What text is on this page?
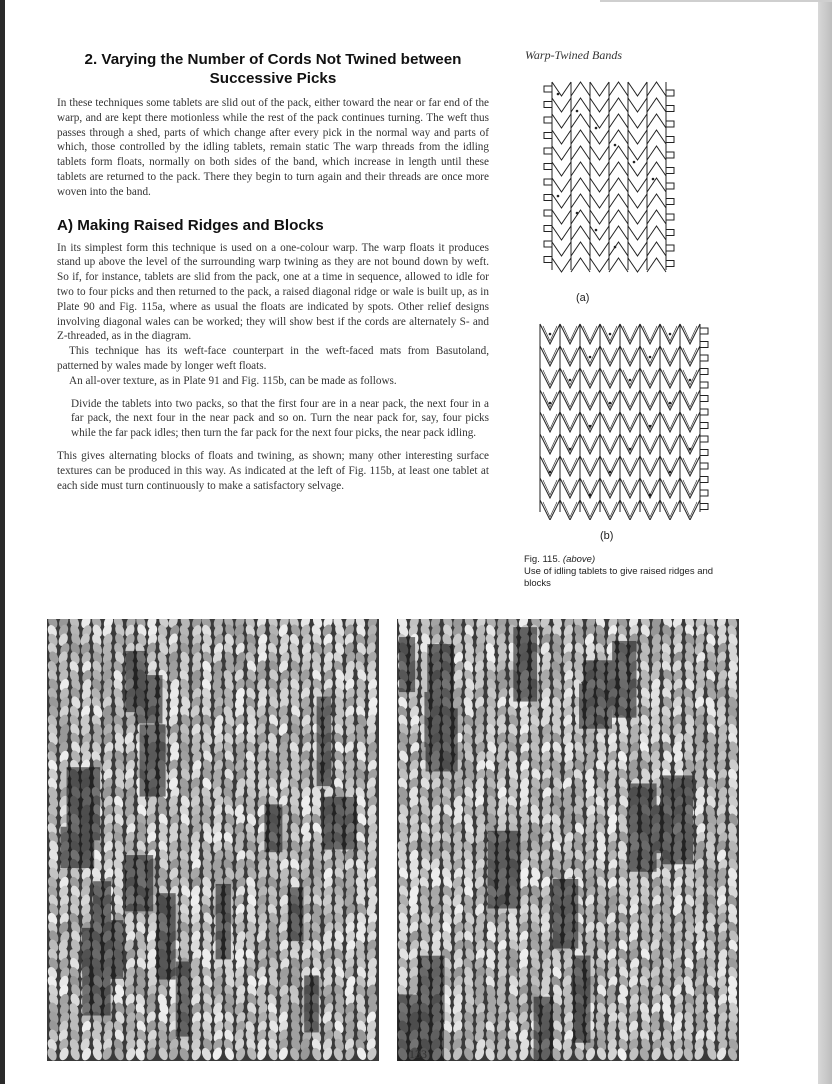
Warp-Twined Bands
2. Varying the Number of Cords Not Twined between Successive Picks

In these techniques some tablets are slid out of the pack, either toward the near or far end of the warp, and are kept there motionless while the rest of the pack continues turning. The weft thus passes through a shed, parts of which change after every pick in the normal way and parts of which, those controlled by the idling tablets, remain static The warp threads from the idling tablets form floats, normally on both sides of the band, which increase in length until these tablets are returned to the pack. There they begin to turn again and their threads are once more woven into the band.

A) Making Raised Ridges and Blocks

In its simplest form this technique is used on a one-colour warp. The warp floats it produces stand up above the level of the surrounding warp twining as they are not bound down by weft. So if, for instance, tablets are slid from the pack, one at a time in sequence, allowed to idle for two to four picks and then returned to the pack, a raised diagonal ridge or wale is built up, as in Plate 90 and Fig. 115a, where as usual the floats are indicated by spots. Other relief designs involving diagonal wales can be worked; they will show best if the cords are alternately S- and Z-threaded, as in the diagram.

This technique has its weft-face counterpart in the weft-faced mats from Basutoland, patterned by wales made by longer weft floats.

An all-over texture, as in Plate 91 and Fig. 115b, can be made as follows.

Divide the tablets into two packs, so that the first four are in a near pack, the next four in a far pack, the next four in the near pack and so on. Turn the near pack for, say, four picks while the far pack idles; then turn the far pack for the next four picks, the near pack idling.

This gives alternating blocks of floats and twining, as shown; many other interesting surface textures can be produced in this way. As indicated at the left of Fig. 115b, at least one tablet at each side must turn continuously to make a satisfactory selvage.

(a)
(b)
Fig. 115. (above)
Use of idling tablets to give raised ridges and blocks
133
